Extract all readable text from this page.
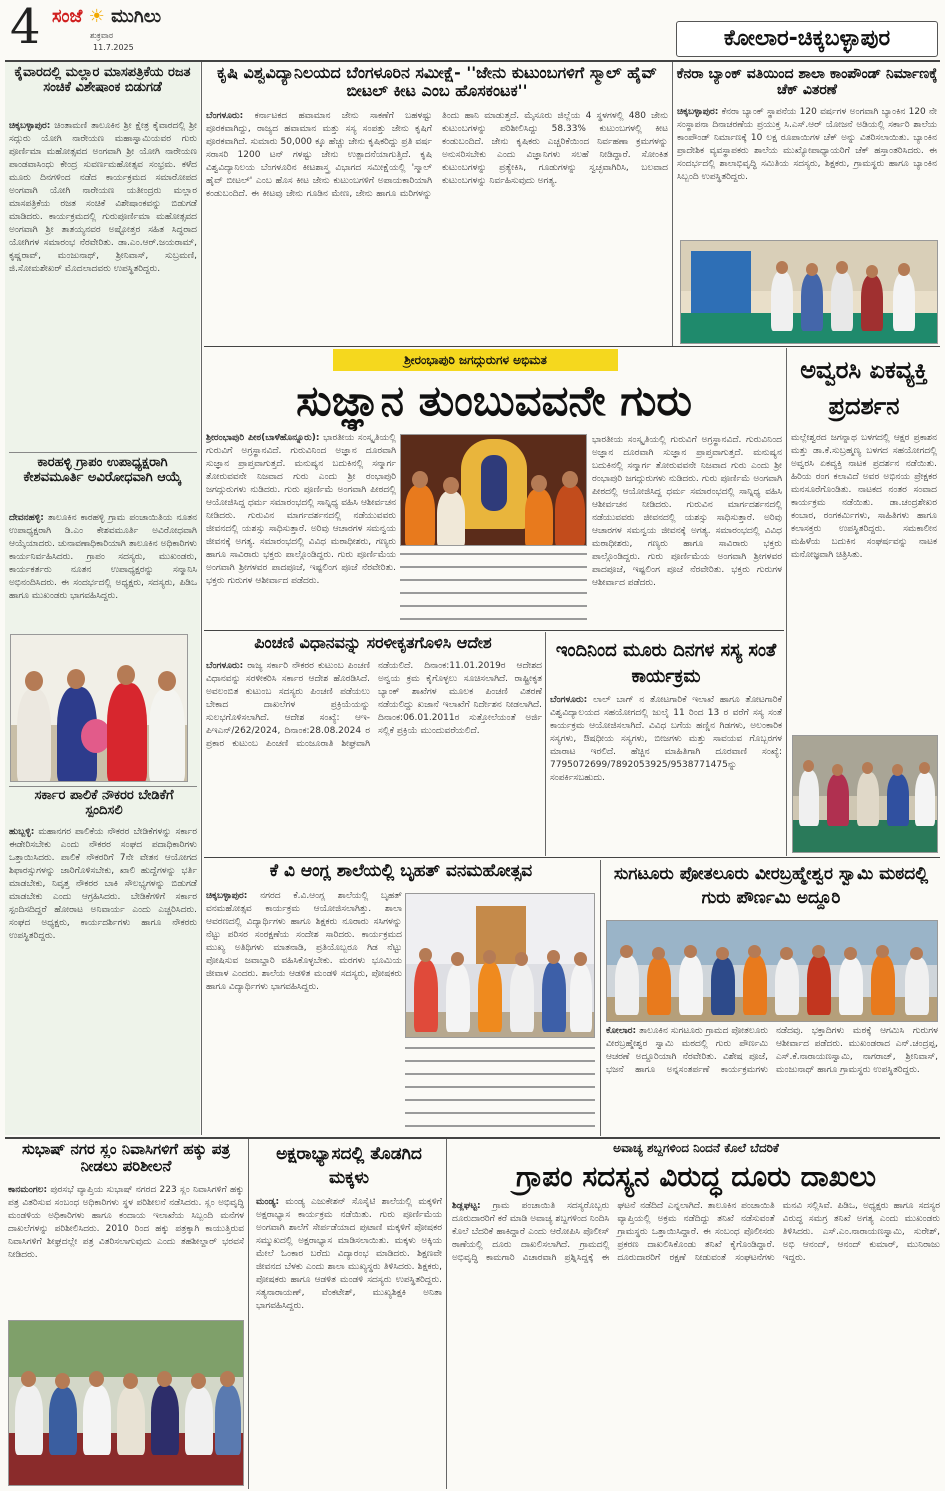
4 ಸಂಜೆ ☀ ಮುಗಿಲು
ಶುಕ್ರವಾರ
11.7.2025	ಕೋಲಾರ-ಚಿಕ್ಕಬಳ್ಳಾಪುರ
ಕೈವಾರದಲ್ಲಿ ಮಲ್ಲಾರ ಮಾಸಪತ್ರಿಕೆಯ ರಜತ ಸಂಚಿಕೆ ವಿಶೇಷಾಂಕ ಬಿಡುಗಡೆ
ಚಿಕ್ಕಬಳ್ಳಾಪುರ: ಚಿಂತಾಮಣಿ ತಾಲೂಕಿನ ಶ್ರೀ ಕ್ಷೇತ್ರ ಕೈವಾರದಲ್ಲಿ ಶ್ರೀ ಸದ್ಗುರು ಯೋಗಿ ನಾರೇಯಣ ಮಹಾಸ್ವಾಮಿಯವರ ಗುರು ಪೂರ್ಣಿಮಾ ಮಹೋತ್ಸವದ ಅಂಗವಾಗಿ ಶ್ರೀ ಯೋಗಿ ನಾರೇಯಣ ಪಾಂಡವಾಸಿಂಧು ಕೇಂದ್ರ ಸುವರ್ಣಮಹೋತ್ಸವ ಸಂಭ್ರಮ. ಕಳೆದ ಮೂರು ದಿನಗಳಿಂದ ನಡೆದ ಕಾರ್ಯಕ್ರಮದ ಸಮಾರೋಪದ ಅಂಗವಾಗಿ ಯೋಗಿ ನಾರೇಯಣ ಯತೀಂದ್ರರು ಮಲ್ಲಾರ ಮಾಸಪತ್ರಿಕೆಯ ರಜತ ಸಂಚಿಕೆ ವಿಶೇಷಾಂಕವನ್ನು ಬಿಡುಗಡೆ ಮಾಡಿದರು. ಕಾರ್ಯಕ್ರಮದಲ್ಲಿ ಗುರುಪೂರ್ಣಿಮಾ ಮಹೋತ್ಸವದ ಅಂಗವಾಗಿ ಶ್ರೀ ತಾತಯ್ಯನವರ ಅಷ್ಟೋತ್ತರ ಸಹಿತ ಸಿದ್ಧರಾದ ಯೋಗಿಗಳ ಸಮಾರಂಭ ನೆರವೇರಿತು. ಡಾ.ಎಂ.ಆರ್.ಜಯರಾಮ್, ಕೃಷ್ಣರಾವ್, ಮಂಜುನಾಥ್, ಶ್ರೀನಿವಾಸ್, ಸುಬ್ರಮಣಿ, ಜಿ.ಸೋಮಶೇಖರ್ ಮೊದಲಾದವರು ಉಪಸ್ಥಿತರಿದ್ದರು.
ಕಾರಹಳ್ಳಿ ಗ್ರಾಪಂ ಉಪಾಧ್ಯಕ್ಷರಾಗಿ ಕೇಶವಮೂರ್ತಿ ಅವಿರೋಧವಾಗಿ ಆಯ್ಕೆ
ದೇವನಹಳ್ಳಿ: ತಾಲೂಕಿನ ಕಾರಹಳ್ಳಿ ಗ್ರಾಮ ಪಂಚಾಯಿತಿಯ ನೂತನ ಉಪಾಧ್ಯಕ್ಷರಾಗಿ ಡಿ.ಎಂ ಕೇಶವಮೂರ್ತಿ ಅವಿರೋಧವಾಗಿ ಆಯ್ಕೆಯಾದರು. ಚುನಾವಣಾಧಿಕಾರಿಯಾಗಿ ತಾಲೂಕಿನ ಅಧಿಕಾರಿಗಳು ಕಾರ್ಯನಿರ್ವಹಿಸಿದರು. ಗ್ರಾಪಂ ಸದಸ್ಯರು, ಮುಖಂಡರು, ಕಾರ್ಯಕರ್ತರು ನೂತನ ಉಪಾಧ್ಯಕ್ಷರನ್ನು ಸನ್ಮಾನಿಸಿ ಅಭಿನಂದಿಸಿದರು. ಈ ಸಂದರ್ಭದಲ್ಲಿ ಅಧ್ಯಕ್ಷರು, ಸದಸ್ಯರು, ಪಿಡಿಒ ಹಾಗೂ ಮುಖಂಡರು ಭಾಗವಹಿಸಿದ್ದರು.
ಸರ್ಕಾರ ಪಾಲಿಕೆ ನೌಕರರ ಬೇಡಿಕೆಗೆ ಸ್ಪಂದಿಸಲಿ
ಹುಬ್ಬಳ್ಳಿ: ಮಹಾನಗರ ಪಾಲಿಕೆಯ ನೌಕರರ ಬೇಡಿಕೆಗಳನ್ನು ಸರ್ಕಾರ ಈಡೇರಿಸಬೇಕು ಎಂದು ನೌಕರರ ಸಂಘದ ಪದಾಧಿಕಾರಿಗಳು ಒತ್ತಾಯಿಸಿದರು. ಪಾಲಿಕೆ ನೌಕರರಿಗೆ 7ನೇ ವೇತನ ಆಯೋಗದ ಶಿಫಾರಸ್ಸುಗಳನ್ನು ಜಾರಿಗೊಳಿಸಬೇಕು, ಖಾಲಿ ಹುದ್ದೆಗಳನ್ನು ಭರ್ತಿ ಮಾಡಬೇಕು, ನಿವೃತ್ತ ನೌಕರರ ಬಾಕಿ ಸೌಲಭ್ಯಗಳನ್ನು ಬಿಡುಗಡೆ ಮಾಡಬೇಕು ಎಂದು ಆಗ್ರಹಿಸಿದರು. ಬೇಡಿಕೆಗಳಿಗೆ ಸರ್ಕಾರ ಸ್ಪಂದಿಸದಿದ್ದರೆ ಹೋರಾಟ ಅನಿವಾರ್ಯ ಎಂದು ಎಚ್ಚರಿಸಿದರು. ಸಂಘದ ಅಧ್ಯಕ್ಷರು, ಕಾರ್ಯದರ್ಶಿಗಳು ಹಾಗೂ ನೌಕರರು ಉಪಸ್ಥಿತರಿದ್ದರು.
ಕೃಷಿ ವಿಶ್ವವಿದ್ಯಾನಿಲಯದ ಬೆಂಗಳೂರಿನ ಸಮೀಕ್ಷೆ- ''ಜೇನು ಕುಟುಂಬಗಳಿಗೆ ಸ್ಮಾಲ್ ಹೈವ್ ಬೀಟಲ್ ಕೀಟ ಎಂಬ ಹೊಸಕಂಟಕ''
ಬೆಂಗಳೂರು: ಕರ್ನಾಟಕದ ಹವಾಮಾನ ಜೇನು ಸಾಕಣೆಗೆ ಬಹಳಷ್ಟು ಪೂರಕವಾಗಿದ್ದು, ರಾಜ್ಯದ ಹವಾಮಾನ ಮತ್ತು ಸಸ್ಯ ಸಂಪತ್ತು ಜೇನು ಕೃಷಿಗೆ ಪೂರಕವಾಗಿದೆ. ಸುಮಾರು 50,000 ಕ್ಕೂ ಹೆಚ್ಚು ಜೇನು ಕೃಷಿಕರಿದ್ದು ಪ್ರತಿ ವರ್ಷ ಸರಾಸರಿ 1200 ಟನ್ ಗಳಷ್ಟು ಜೇನು ಉತ್ಪಾದನೆಯಾಗುತ್ತಿದೆ. ಕೃಷಿ ವಿಶ್ವವಿದ್ಯಾನಿಲಯ ಬೆಂಗಳೂರಿನ ಕೀಟಶಾಸ್ತ್ರ ವಿಭಾಗದ ಸಮೀಕ್ಷೆಯಲ್ಲಿ 'ಸ್ಮಾಲ್ ಹೈವ್ ಬೀಟಲ್' ಎಂಬ ಹೊಸ ಕೀಟ ಜೇನು ಕುಟುಂಬಗಳಿಗೆ ಅಪಾಯಕಾರಿಯಾಗಿ ಕಂಡುಬಂದಿದೆ. ಈ ಕೀಟವು ಜೇನು ಗೂಡಿನ ಮೇಣ, ಜೇನು ಹಾಗೂ ಮರಿಗಳನ್ನು ತಿಂದು ಹಾನಿ ಮಾಡುತ್ತದೆ. ಮೈಸೂರು ಜಿಲ್ಲೆಯ 4 ಸ್ಥಳಗಳಲ್ಲಿ 480 ಜೇನು ಕುಟುಂಬಗಳನ್ನು ಪರಿಶೀಲಿಸಿದ್ದು 58.33% ಕುಟುಂಬಗಳಲ್ಲಿ ಕೀಟ ಕಂಡುಬಂದಿದೆ. ಜೇನು ಕೃಷಿಕರು ಎಚ್ಚರಿಕೆಯಿಂದ ನಿರ್ವಹಣಾ ಕ್ರಮಗಳನ್ನು ಅನುಸರಿಸಬೇಕು ಎಂದು ವಿಜ್ಞಾನಿಗಳು ಸಲಹೆ ನೀಡಿದ್ದಾರೆ. ಸೋಂಕಿತ ಕುಟುಂಬಗಳನ್ನು ಪ್ರತ್ಯೇಕಿಸಿ, ಗೂಡುಗಳನ್ನು ಸ್ವಚ್ಛವಾಗಿರಿಸಿ, ಬಲವಾದ ಕುಟುಂಬಗಳನ್ನು ನಿರ್ವಹಿಸುವುದು ಅಗತ್ಯ.
ಕೆನರಾ ಬ್ಯಾಂಕ್ ವತಿಯಿಂದ ಶಾಲಾ ಕಾಂಪೌಂಡ್ ನಿರ್ಮಾಣಕ್ಕೆ ಚೆಕ್ ವಿತರಣೆ
ಚಿಕ್ಕಬಳ್ಳಾಪುರ: ಕೆನರಾ ಬ್ಯಾಂಕ್ ಸ್ಥಾಪನೆಯ 120 ವರ್ಷಗಳ ಅಂಗವಾಗಿ ಬ್ಯಾಂಕಿನ 120 ನೇ ಸಂಸ್ಥಾಪನಾ ದಿನಾಚರಣೆಯ ಪ್ರಯುಕ್ತ ಸಿ.ಎಸ್.ಆರ್ ಯೋಜನೆ ಅಡಿಯಲ್ಲಿ ಸರ್ಕಾರಿ ಶಾಲೆಯ ಕಾಂಪೌಂಡ್ ನಿರ್ಮಾಣಕ್ಕೆ 10 ಲಕ್ಷ ರೂಪಾಯಿಗಳ ಚೆಕ್ ಅನ್ನು ವಿತರಿಸಲಾಯಿತು. ಬ್ಯಾಂಕಿನ ಪ್ರಾದೇಶಿಕ ವ್ಯವಸ್ಥಾಪಕರು ಶಾಲೆಯ ಮುಖ್ಯೋಪಾಧ್ಯಾಯರಿಗೆ ಚೆಕ್ ಹಸ್ತಾಂತರಿಸಿದರು. ಈ ಸಂದರ್ಭದಲ್ಲಿ ಶಾಲಾಭಿವೃದ್ಧಿ ಸಮಿತಿಯ ಸದಸ್ಯರು, ಶಿಕ್ಷಕರು, ಗ್ರಾಮಸ್ಥರು ಹಾಗೂ ಬ್ಯಾಂಕಿನ ಸಿಬ್ಬಂದಿ ಉಪಸ್ಥಿತರಿದ್ದರು.
ಶ್ರೀರಂಭಾಪುರಿ ಜಗದ್ಗುರುಗಳ ಅಭಿಮತ
ಸುಜ್ಞಾನ ತುಂಬುವವನೇ ಗುರು
ಶ್ರೀರಂಭಾಪುರಿ ಪೀಠ(ಬಾಳೆಹೊನ್ನೂರು): ಭಾರತೀಯ ಸಂಸ್ಕೃತಿಯಲ್ಲಿ ಗುರುವಿಗೆ ಅಗ್ರಸ್ಥಾನವಿದೆ. ಗುರುವಿನಿಂದ ಅಜ್ಞಾನ ದೂರವಾಗಿ ಸುಜ್ಞಾನ ಪ್ರಾಪ್ತವಾಗುತ್ತದೆ. ಮನುಷ್ಯನ ಬದುಕಿನಲ್ಲಿ ಸನ್ಮಾರ್ಗ ತೋರುವವನೇ ನಿಜವಾದ ಗುರು ಎಂದು ಶ್ರೀ ರಂಭಾಪುರಿ ಜಗದ್ಗುರುಗಳು ನುಡಿದರು. ಗುರು ಪೂರ್ಣಿಮೆ ಅಂಗವಾಗಿ ಪೀಠದಲ್ಲಿ ಆಯೋಜಿಸಿದ್ದ ಧರ್ಮ ಸಮಾರಂಭದಲ್ಲಿ ಸಾನ್ನಿಧ್ಯ ವಹಿಸಿ ಆಶೀರ್ವಚನ ನೀಡಿದರು. ಗುರುವಿನ ಮಾರ್ಗದರ್ಶನದಲ್ಲಿ ನಡೆಯುವವರು ಜೀವನದಲ್ಲಿ ಯಶಸ್ಸು ಸಾಧಿಸುತ್ತಾರೆ. ಅರಿವು ಆಚಾರಗಳ ಸಮನ್ವಯ ಜೀವನಕ್ಕೆ ಅಗತ್ಯ. ಸಮಾರಂಭದಲ್ಲಿ ವಿವಿಧ ಮಠಾಧೀಶರು, ಗಣ್ಯರು ಹಾಗೂ ಸಾವಿರಾರು ಭಕ್ತರು ಪಾಲ್ಗೊಂಡಿದ್ದರು. ಗುರು ಪೂರ್ಣಿಮೆಯ ಅಂಗವಾಗಿ ಶ್ರೀಗಳವರ ಪಾದಪೂಜೆ, ಇಷ್ಟಲಿಂಗ ಪೂಜೆ ನೆರವೇರಿತು. ಭಕ್ತರು ಗುರುಗಳ ಆಶೀರ್ವಾದ ಪಡೆದರು.
ಭಾರತೀಯ ಸಂಸ್ಕೃತಿಯಲ್ಲಿ ಗುರುವಿಗೆ ಅಗ್ರಸ್ಥಾನವಿದೆ. ಗುರುವಿನಿಂದ ಅಜ್ಞಾನ ದೂರವಾಗಿ ಸುಜ್ಞಾನ ಪ್ರಾಪ್ತವಾಗುತ್ತದೆ. ಮನುಷ್ಯನ ಬದುಕಿನಲ್ಲಿ ಸನ್ಮಾರ್ಗ ತೋರುವವನೇ ನಿಜವಾದ ಗುರು ಎಂದು ಶ್ರೀ ರಂಭಾಪುರಿ ಜಗದ್ಗುರುಗಳು ನುಡಿದರು. ಗುರು ಪೂರ್ಣಿಮೆ ಅಂಗವಾಗಿ ಪೀಠದಲ್ಲಿ ಆಯೋಜಿಸಿದ್ದ ಧರ್ಮ ಸಮಾರಂಭದಲ್ಲಿ ಸಾನ್ನಿಧ್ಯ ವಹಿಸಿ ಆಶೀರ್ವಚನ ನೀಡಿದರು. ಗುರುವಿನ ಮಾರ್ಗದರ್ಶನದಲ್ಲಿ ನಡೆಯುವವರು ಜೀವನದಲ್ಲಿ ಯಶಸ್ಸು ಸಾಧಿಸುತ್ತಾರೆ. ಅರಿವು ಆಚಾರಗಳ ಸಮನ್ವಯ ಜೀವನಕ್ಕೆ ಅಗತ್ಯ. ಸಮಾರಂಭದಲ್ಲಿ ವಿವಿಧ ಮಠಾಧೀಶರು, ಗಣ್ಯರು ಹಾಗೂ ಸಾವಿರಾರು ಭಕ್ತರು ಪಾಲ್ಗೊಂಡಿದ್ದರು. ಗುರು ಪೂರ್ಣಿಮೆಯ ಅಂಗವಾಗಿ ಶ್ರೀಗಳವರ ಪಾದಪೂಜೆ, ಇಷ್ಟಲಿಂಗ ಪೂಜೆ ನೆರವೇರಿತು. ಭಕ್ತರು ಗುರುಗಳ ಆಶೀರ್ವಾದ ಪಡೆದರು.
ಅವ್ವರಸಿ ಏಕವ್ಯಕ್ತಿ ಪ್ರದರ್ಶನ
ಮಲ್ಲೇಶ್ವರದ ಜಗನ್ನಾಥ ಬಳಗದಲ್ಲಿ ಆಕ್ಷರ ಪ್ರಕಾಶನ ಮತ್ತು ಡಾ.ಕೆ.ಸುಬ್ರಹ್ಮಣ್ಯ ಬಳಗದ ಸಹಯೋಗದಲ್ಲಿ ಅವ್ವರಸಿ ಏಕವ್ಯಕ್ತಿ ನಾಟಕ ಪ್ರದರ್ಶನ ನಡೆಯಿತು. ಹಿರಿಯ ರಂಗ ಕಲಾವಿದೆ ಅವರ ಅಭಿನಯ ಪ್ರೇಕ್ಷಕರ ಮನಸೂರೆಗೊಂಡಿತು. ನಾಟಕದ ನಂತರ ಸಂವಾದ ಕಾರ್ಯಕ್ರಮ ನಡೆಯಿತು. ಡಾ.ಚಂದ್ರಶೇಖರ ಕಂಬಾರ, ರಂಗಕರ್ಮಿಗಳು, ಸಾಹಿತಿಗಳು ಹಾಗೂ ಕಲಾಸಕ್ತರು ಉಪಸ್ಥಿತರಿದ್ದರು. ಸಮಕಾಲೀನ ಮಹಿಳೆಯ ಬದುಕಿನ ಸಂಘರ್ಷವನ್ನು ನಾಟಕ ಮನೋಜ್ಞವಾಗಿ ಚಿತ್ರಿಸಿತು.
ಪಿಂಚಣಿ ವಿಧಾನವನ್ನು ಸರಳೀಕೃತಗೊಳಿಸಿ ಆದೇಶ
ಬೆಂಗಳೂರು: ರಾಜ್ಯ ಸರ್ಕಾರಿ ನೌಕರರ ಕುಟುಂಬ ಪಿಂಚಣಿ ವಿಧಾನವನ್ನು ಸರಳೀಕರಿಸಿ ಸರ್ಕಾರ ಆದೇಶ ಹೊರಡಿಸಿದೆ. ಅವಲಂಬಿತ ಕುಟುಂಬ ಸದಸ್ಯರು ಪಿಂಚಣಿ ಪಡೆಯಲು ಬೇಕಾದ ದಾಖಲೆಗಳ ಪ್ರಕ್ರಿಯೆಯನ್ನು ಸುಲಭಗೊಳಿಸಲಾಗಿದೆ. ಆದೇಶ ಸಂಖ್ಯೆ: ಆಇ-ಪಿಇಎನ್/262/2024, ದಿನಾಂಕ:28.08.2024 ರ ಪ್ರಕಾರ ಕುಟುಂಬ ಪಿಂಚಣಿ ಮಂಜೂರಾತಿ ಶೀಘ್ರವಾಗಿ ನಡೆಯಲಿದೆ. ದಿನಾಂಕ:11.01.2019ರ ಆದೇಶದ ಅನ್ವಯ ಕ್ರಮ ಕೈಗೊಳ್ಳಲು ಸೂಚಿಸಲಾಗಿದೆ. ರಾಷ್ಟ್ರೀಕೃತ ಬ್ಯಾಂಕ್ ಶಾಖೆಗಳ ಮೂಲಕ ಪಿಂಚಣಿ ವಿತರಣೆ ನಡೆಯಲಿದ್ದು ಖಜಾನೆ ಇಲಾಖೆಗೆ ನಿರ್ದೇಶನ ನೀಡಲಾಗಿದೆ. ದಿನಾಂಕ:06.01.2011ರ ಸುತ್ತೋಲೆಯಂತೆ ಅರ್ಜಿ ಸಲ್ಲಿಕೆ ಪ್ರಕ್ರಿಯೆ ಮುಂದುವರೆಯಲಿದೆ.
ಇಂದಿನಿಂದ ಮೂರು ದಿನಗಳ ಸಸ್ಯ ಸಂತೆ ಕಾರ್ಯಕ್ರಮ
ಬೆಂಗಳೂರು: ಲಾಲ್ ಬಾಗ್ ನ ತೋಟಗಾರಿಕೆ ಇಲಾಖೆ ಹಾಗೂ ತೋಟಗಾರಿಕೆ ವಿಶ್ವವಿದ್ಯಾಲಯದ ಸಹಯೋಗದಲ್ಲಿ ಜುಲೈ 11 ರಿಂದ 13 ರ ವರೆಗೆ ಸಸ್ಯ ಸಂತೆ ಕಾರ್ಯಕ್ರಮ ಆಯೋಜಿಸಲಾಗಿದೆ. ವಿವಿಧ ಬಗೆಯ ಹಣ್ಣಿನ ಗಿಡಗಳು, ಅಲಂಕಾರಿಕ ಸಸ್ಯಗಳು, ಔಷಧೀಯ ಸಸ್ಯಗಳು, ಬೀಜಗಳು ಮತ್ತು ಸಾವಯವ ಗೊಬ್ಬರಗಳ ಮಾರಾಟ ಇರಲಿದೆ. ಹೆಚ್ಚಿನ ಮಾಹಿತಿಗಾಗಿ ದೂರವಾಣಿ ಸಂಖ್ಯೆ: 7795072699/7892053925/9538771475ನ್ನು ಸಂಪರ್ಕಿಸಬಹುದು.
ಕೆ ವಿ ಆಂಗ್ಲ ಶಾಲೆಯಲ್ಲಿ ಬೃಹತ್ ವನಮಹೋತ್ಸವ
ಚಿಕ್ಕಬಳ್ಳಾಪುರ: ನಗರದ ಕೆ.ವಿ.ಆಂಗ್ಲ ಶಾಲೆಯಲ್ಲಿ ಬೃಹತ್ ವನಮಹೋತ್ಸವ ಕಾರ್ಯಕ್ರಮ ಆಯೋಜಿಸಲಾಗಿತ್ತು. ಶಾಲಾ ಆವರಣದಲ್ಲಿ ವಿದ್ಯಾರ್ಥಿಗಳು ಹಾಗೂ ಶಿಕ್ಷಕರು ನೂರಾರು ಸಸಿಗಳನ್ನು ನೆಟ್ಟು ಪರಿಸರ ಸಂರಕ್ಷಣೆಯ ಸಂದೇಶ ಸಾರಿದರು. ಕಾರ್ಯಕ್ರಮದ ಮುಖ್ಯ ಅತಿಥಿಗಳು ಮಾತನಾಡಿ, ಪ್ರತಿಯೊಬ್ಬರೂ ಗಿಡ ನೆಟ್ಟು ಪೋಷಿಸುವ ಜವಾಬ್ದಾರಿ ವಹಿಸಿಕೊಳ್ಳಬೇಕು. ಮರಗಳು ಭೂಮಿಯ ಜೀವಾಳ ಎಂದರು. ಶಾಲೆಯ ಆಡಳಿತ ಮಂಡಳಿ ಸದಸ್ಯರು, ಪೋಷಕರು ಹಾಗೂ ವಿದ್ಯಾರ್ಥಿಗಳು ಭಾಗವಹಿಸಿದ್ದರು.
ಸುಗಟೂರು ಪೋತಲೂರು ವೀರಬ್ರಹ್ಮೇಶ್ವರ ಸ್ವಾಮಿ ಮಠದಲ್ಲಿ ಗುರು ಪೌರ್ಣಮಿ ಅದ್ದೂರಿ
ಕೋಲಾರ: ತಾಲೂಕಿನ ಸುಗಟೂರು ಗ್ರಾಮದ ಪೋತಲೂರು ವೀರಬ್ರಹ್ಮೇಶ್ವರ ಸ್ವಾಮಿ ಮಠದಲ್ಲಿ ಗುರು ಪೌರ್ಣಮಿ ಆಚರಣೆ ಅದ್ದೂರಿಯಾಗಿ ನೆರವೇರಿತು. ವಿಶೇಷ ಪೂಜೆ, ಭಜನೆ ಹಾಗೂ ಅನ್ನಸಂತರ್ಪಣೆ ಕಾರ್ಯಕ್ರಮಗಳು ನಡೆದವು. ಭಕ್ತಾದಿಗಳು ಮಠಕ್ಕೆ ಆಗಮಿಸಿ ಗುರುಗಳ ಆಶೀರ್ವಾದ ಪಡೆದರು. ಮುಖಂಡರಾದ ಎನ್.ಚಂದ್ರಪ್ಪ, ಎಸ್.ಕೆ.ನಾರಾಯಣಸ್ವಾಮಿ, ನಾಗರಾಜ್, ಶ್ರೀನಿವಾಸ್, ಮಂಜುನಾಥ್ ಹಾಗೂ ಗ್ರಾಮಸ್ಥರು ಉಪಸ್ಥಿತರಿದ್ದರು.
ಸುಭಾಷ್ ನಗರ ಸ್ಲಂ ನಿವಾಸಿಗಳಿಗೆ ಹಕ್ಕು ಪತ್ರ ನೀಡಲು ಪರಿಶೀಲನೆ
ಕಾನಮಂಗಲ: ಪುರಸಭೆ ವ್ಯಾಪ್ತಿಯ ಸುಭಾಷ್ ನಗರದ 223 ಸ್ಲಂ ನಿವಾಸಿಗಳಿಗೆ ಹಕ್ಕು ಪತ್ರ ವಿತರಿಸುವ ಸಂಬಂಧ ಅಧಿಕಾರಿಗಳು ಸ್ಥಳ ಪರಿಶೀಲನೆ ನಡೆಸಿದರು. ಸ್ಲಂ ಅಭಿವೃದ್ಧಿ ಮಂಡಳಿಯ ಅಧಿಕಾರಿಗಳು ಹಾಗೂ ಕಂದಾಯ ಇಲಾಖೆಯ ಸಿಬ್ಬಂದಿ ಮನೆಗಳ ದಾಖಲೆಗಳನ್ನು ಪರಿಶೀಲಿಸಿದರು. 2010 ರಿಂದ ಹಕ್ಕು ಪತ್ರಕ್ಕಾಗಿ ಕಾಯುತ್ತಿರುವ ನಿವಾಸಿಗಳಿಗೆ ಶೀಘ್ರದಲ್ಲೇ ಪತ್ರ ವಿತರಿಸಲಾಗುವುದು ಎಂದು ತಹಶೀಲ್ದಾರ್ ಭರವಸೆ ನೀಡಿದರು.
ಅಕ್ಷರಾಭ್ಯಾಸದಲ್ಲಿ ತೊಡಗಿದ ಮಕ್ಕಳು
ಮಂಡ್ಯ: ಮಂಡ್ಯ ಎಜುಕೇಶನ್ ಸೊಸೈಟಿ ಶಾಲೆಯಲ್ಲಿ ಮಕ್ಕಳಿಗೆ ಅಕ್ಷರಾಭ್ಯಾಸ ಕಾರ್ಯಕ್ರಮ ನಡೆಯಿತು. ಗುರು ಪೂರ್ಣಿಮೆಯ ಅಂಗವಾಗಿ ಶಾಲೆಗೆ ಸೇರ್ಪಡೆಯಾದ ಪುಟಾಣಿ ಮಕ್ಕಳಿಗೆ ಪೋಷಕರ ಸಮ್ಮುಖದಲ್ಲಿ ಅಕ್ಷರಾಭ್ಯಾಸ ಮಾಡಿಸಲಾಯಿತು. ಮಕ್ಕಳು ಅಕ್ಕಿಯ ಮೇಲೆ ಓಂಕಾರ ಬರೆದು ವಿದ್ಯಾರಂಭ ಮಾಡಿದರು. ಶಿಕ್ಷಣವೇ ಜೀವನದ ಬೆಳಕು ಎಂದು ಶಾಲಾ ಮುಖ್ಯಸ್ಥರು ತಿಳಿಸಿದರು. ಶಿಕ್ಷಕರು, ಪೋಷಕರು ಹಾಗೂ ಆಡಳಿತ ಮಂಡಳಿ ಸದಸ್ಯರು ಉಪಸ್ಥಿತರಿದ್ದರು. ಸತ್ಯನಾರಾಯಣ್, ವೆಂಕಟೇಶ್, ಮುಖ್ಯಶಿಕ್ಷಕಿ ಅನಿತಾ ಭಾಗವಹಿಸಿದ್ದರು.
ಅವಾಚ್ಯ ಶಬ್ದಗಳಿಂದ ನಿಂದನೆ ಕೊಲೆ ಬೆದರಿಕೆ
ಗ್ರಾಪಂ ಸದಸ್ಯನ ವಿರುದ್ಧ ದೂರು ದಾಖಲು
ಶಿಡ್ಲಘಟ್ಟ: ಗ್ರಾಮ ಪಂಚಾಯಿತಿ ಸದಸ್ಯರೊಬ್ಬರು ದೂರುದಾರರಿಗೆ ಕರೆ ಮಾಡಿ ಅವಾಚ್ಯ ಶಬ್ದಗಳಿಂದ ನಿಂದಿಸಿ ಕೊಲೆ ಬೆದರಿಕೆ ಹಾಕಿದ್ದಾರೆ ಎಂದು ಆರೋಪಿಸಿ ಪೊಲೀಸ್ ಠಾಣೆಯಲ್ಲಿ ದೂರು ದಾಖಲಿಸಲಾಗಿದೆ. ಗ್ರಾಮದಲ್ಲಿ ಅಭಿವೃದ್ಧಿ ಕಾಮಗಾರಿ ವಿಚಾರವಾಗಿ ಪ್ರಶ್ನಿಸಿದ್ದಕ್ಕೆ ಈ ಘಟನೆ ನಡೆದಿದೆ ಎನ್ನಲಾಗಿದೆ. ತಾಲೂಕಿನ ಪಂಚಾಯಿತಿ ವ್ಯಾಪ್ತಿಯಲ್ಲಿ ಅಕ್ರಮ ನಡೆದಿದ್ದು ತನಿಖೆ ನಡೆಸುವಂತೆ ಗ್ರಾಮಸ್ಥರು ಒತ್ತಾಯಿಸಿದ್ದಾರೆ. ಈ ಸಂಬಂಧ ಪೊಲೀಸರು ಪ್ರಕರಣ ದಾಖಲಿಸಿಕೊಂಡು ತನಿಖೆ ಕೈಗೊಂಡಿದ್ದಾರೆ. ದೂರುದಾರರಿಗೆ ರಕ್ಷಣೆ ನೀಡುವಂತೆ ಸಂಘಟನೆಗಳು ಮನವಿ ಸಲ್ಲಿಸಿವೆ. ಪಿಡಿಒ, ಅಧ್ಯಕ್ಷರು ಹಾಗೂ ಸದಸ್ಯರ ವಿರುದ್ಧ ಸಮಗ್ರ ತನಿಖೆ ಅಗತ್ಯ ಎಂದು ಮುಖಂಡರು ತಿಳಿಸಿದರು. ಎಸ್.ಎಂ.ನಾರಾಯಣಸ್ವಾಮಿ, ಸುರೇಶ್, ಅಭಿ ಆನಂದ್, ಆನಂದ್ ಕುಮಾರ್, ಮುನಿರಾಜು ಇದ್ದರು.
